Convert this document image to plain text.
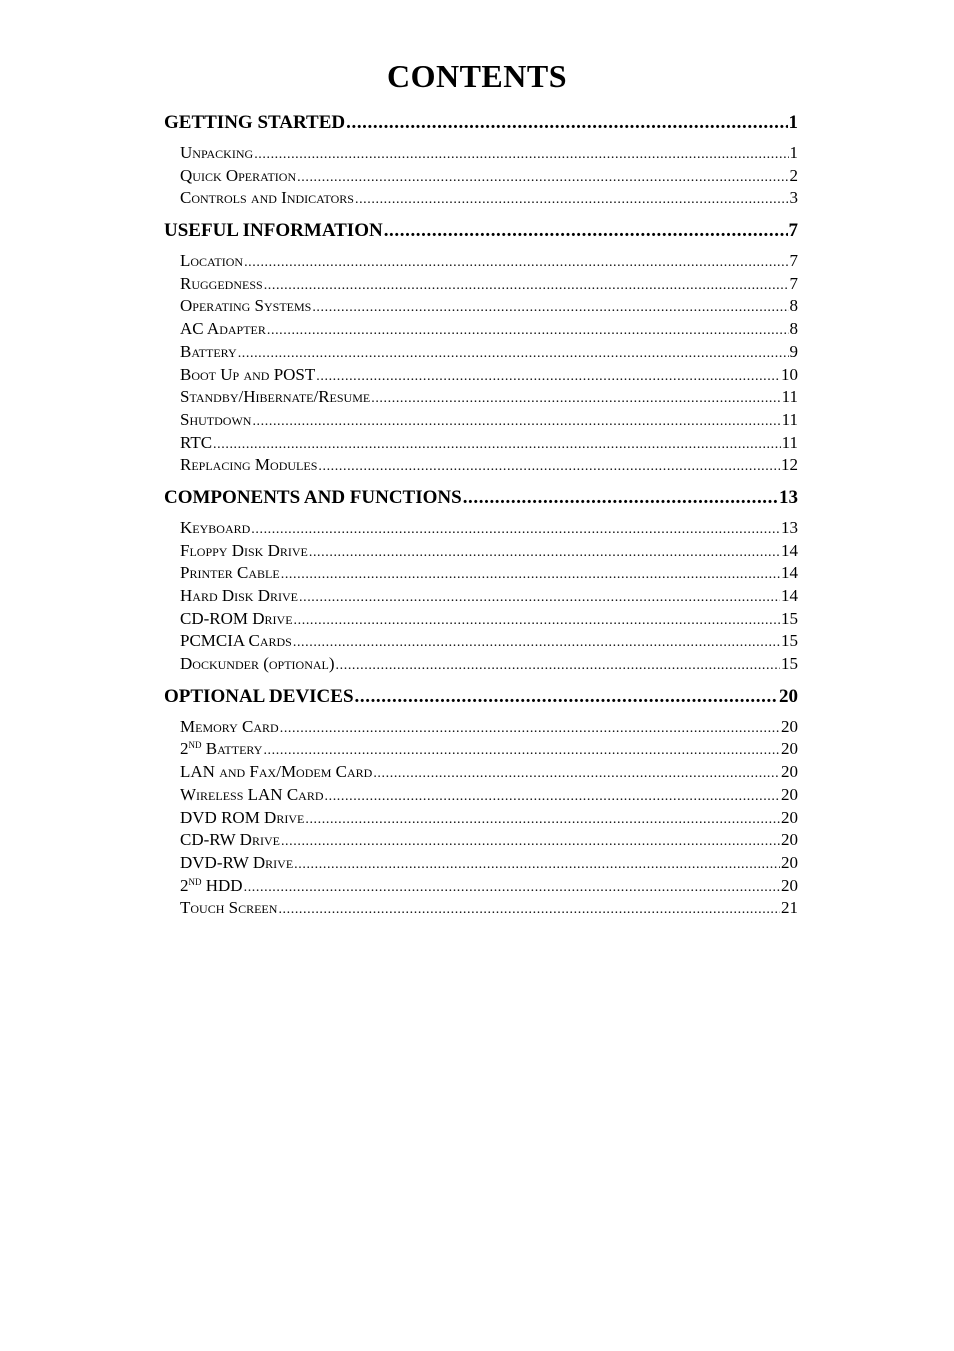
CONTENTS
GETTING STARTED .....	1
Unpacking .....	1
Quick Operation .....	2
Controls and Indicators .....	3
USEFUL INFORMATION .....	7
Location .....	7
Ruggedness .....	7
Operating Systems .....	8
AC Adapter .....	8
Battery .....	9
Boot Up and POST .....	10
Standby/Hibernate/Resume .....	11
Shutdown .....	11
RTC .....	11
Replacing Modules .....	12
COMPONENTS AND FUNCTIONS .....	13
Keyboard .....	13
Floppy Disk Drive .....	14
Printer Cable .....	14
Hard Disk Drive .....	14
CD-ROM Drive .....	15
PCMCIA Cards .....	15
Dockunder (optional) .....	15
OPTIONAL DEVICES .....	20
Memory Card .....	20
2ND Battery .....	20
LAN and Fax/Modem Card .....	20
Wireless LAN Card .....	20
DVD ROM Drive .....	20
CD-RW Drive .....	20
DVD-RW Drive .....	20
2ND HDD .....	20
Touch Screen .....	21
